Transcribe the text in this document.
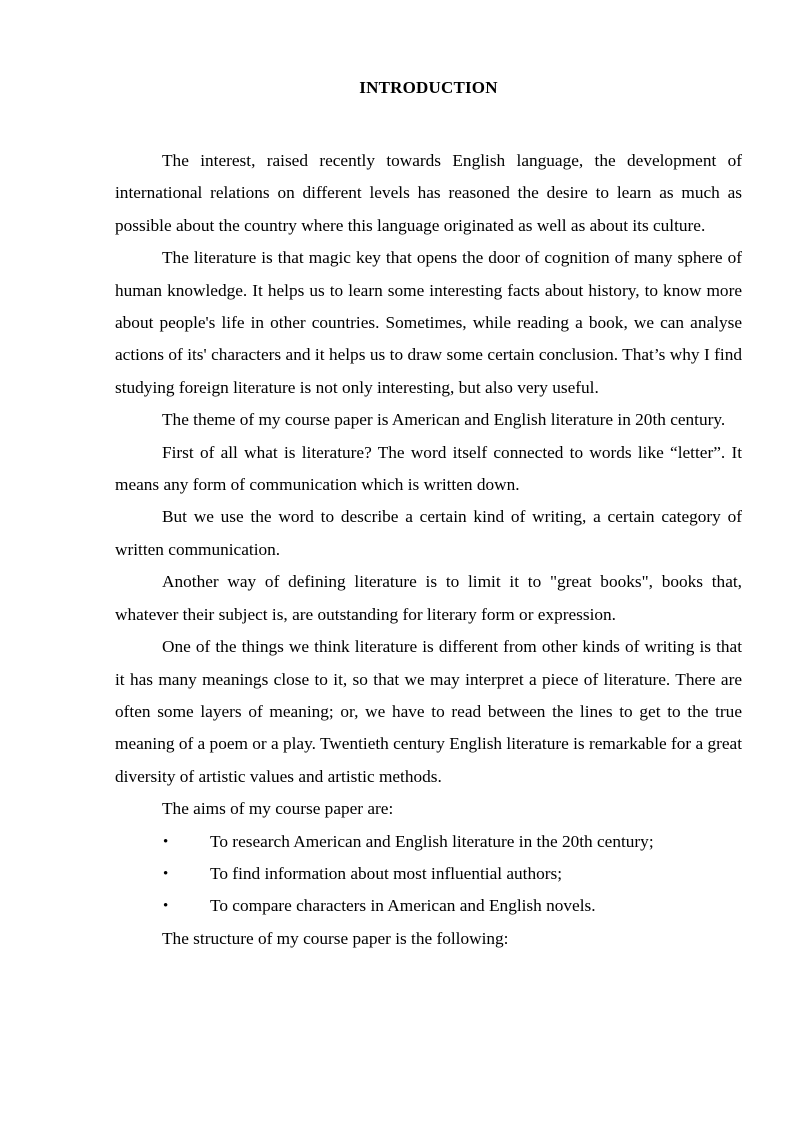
INTRODUCTION

The interest, raised recently towards English language, the development of international relations on different levels has reasoned the desire to learn as much as possible about the country where this language originated as well as about its culture.

The literature is that magic key that opens the door of cognition of many sphere of human knowledge. It helps us to learn some interesting facts about history, to know more about people's life in other countries. Sometimes, while reading a book, we can analyse actions of its' characters and it helps us to draw some certain conclusion. That’s why I find studying foreign literature is not only interesting, but also very useful.

The theme of my course paper is American and English literature in 20th century.

First of all what is literature? The word itself connected to words like “letter”. It means any form of communication which is written down.

But we use the word to describe a certain kind of writing, a certain category of written communication.

Another way of defining literature is to limit it to "great books", books that, whatever their subject is, are outstanding for literary form or expression.

One of the things we think literature is different from other kinds of writing is that it has many meanings close to it, so that we may interpret a piece of literature. There are often some layers of meaning; or, we have to read between the lines to get to the true meaning of a poem or a play. Twentieth century English literature is remarkable for a great diversity of artistic values and artistic methods.

The aims of my course paper are:

• To research American and English literature in the 20th century;
• To find information about most influential authors;
• To compare characters in American and English novels.

The structure of my course paper is the following:
